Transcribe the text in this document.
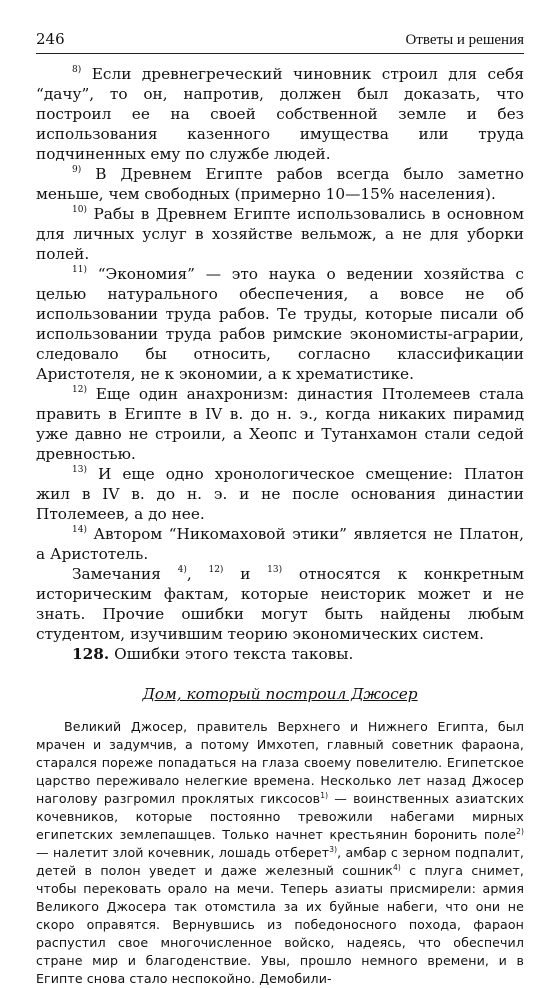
246	Ответы и решения

$^{8)}$ Если древнегреческий чиновник строил для себя “дачу”, то он, напротив, должен был доказать, что построил ее на своей собственной земле и без использования казенного имущества или труда подчиненных ему по службе людей.

$^{9)}$ В Древнем Египте рабов всегда было заметно меньше, чем свободных (примерно 10—15% населения).

$^{10)}$ Рабы в Древнем Египте использовались в основном для личных услуг в хозяйстве вельмож, а не для уборки полей.

$^{11)}$ “Экономия” — это наука о ведении хозяйства с целью натурального обеспечения, а вовсе не об использовании труда рабов. Те труды, которые писали об использовании труда рабов римские экономисты-аграрии, следовало бы относить, согласно классификации Аристотеля, не к экономии, а к хрематистике.

$^{12)}$ Еще один анахронизм: династия Птолемеев стала править в Египте в IV в. до н. э., когда никаких пирамид уже давно не строили, а Хеопс и Тутанхамон стали седой древностью.

$^{13)}$ И еще одно хронологическое смещение: Платон жил в IV в. до н. э. и не после основания династии Птолемеев, а до нее.

$^{14)}$ Автором “Никомаховой этики” является не Платон, а Аристотель.

Замечания $^{4)}$, $^{12)}$ и $^{13)}$ относятся к конкретным историческим фактам, которые неисторик может и не знать. Прочие ошибки могут быть найдены любым студентом, изучившим теорию экономических систем.

128. Ошибки этого текста таковы.

Дом, который построил Джосер

Великий Джосер, правитель Верхнего и Нижнего Египта, был мрачен и задумчив, а потому Имхотеп, главный советник фараона, старался пореже попадаться на глаза своему повелителю. Египетское царство переживало нелегкие времена. Несколько лет назад Джосер наголову разгромил проклятых гиксосов$^{1)}$ — воинственных азиатских кочевников, которые постоянно тревожили набегами мирных египетских землепашцев. Только начнет крестьянин боронить поле$^{2)}$ — налетит злой кочевник, лошадь отберет$^{3)}$, амбар с зерном подпалит, детей в полон уведет и даже железный сошник$^{4)}$ с плуга снимет, чтобы перековать орало на мечи. Теперь азиаты присмирели: армия Великого Джосера так отомстила за их буйные набеги, что они не скоро оправятся. Вернувшись из победоносного похода, фараон распустил свое многочисленное войско, надеясь, что обеспечил стране мир и благоденствие. Увы, прошло немного времени, и в Египте снова стало неспокойно. Демобили-
